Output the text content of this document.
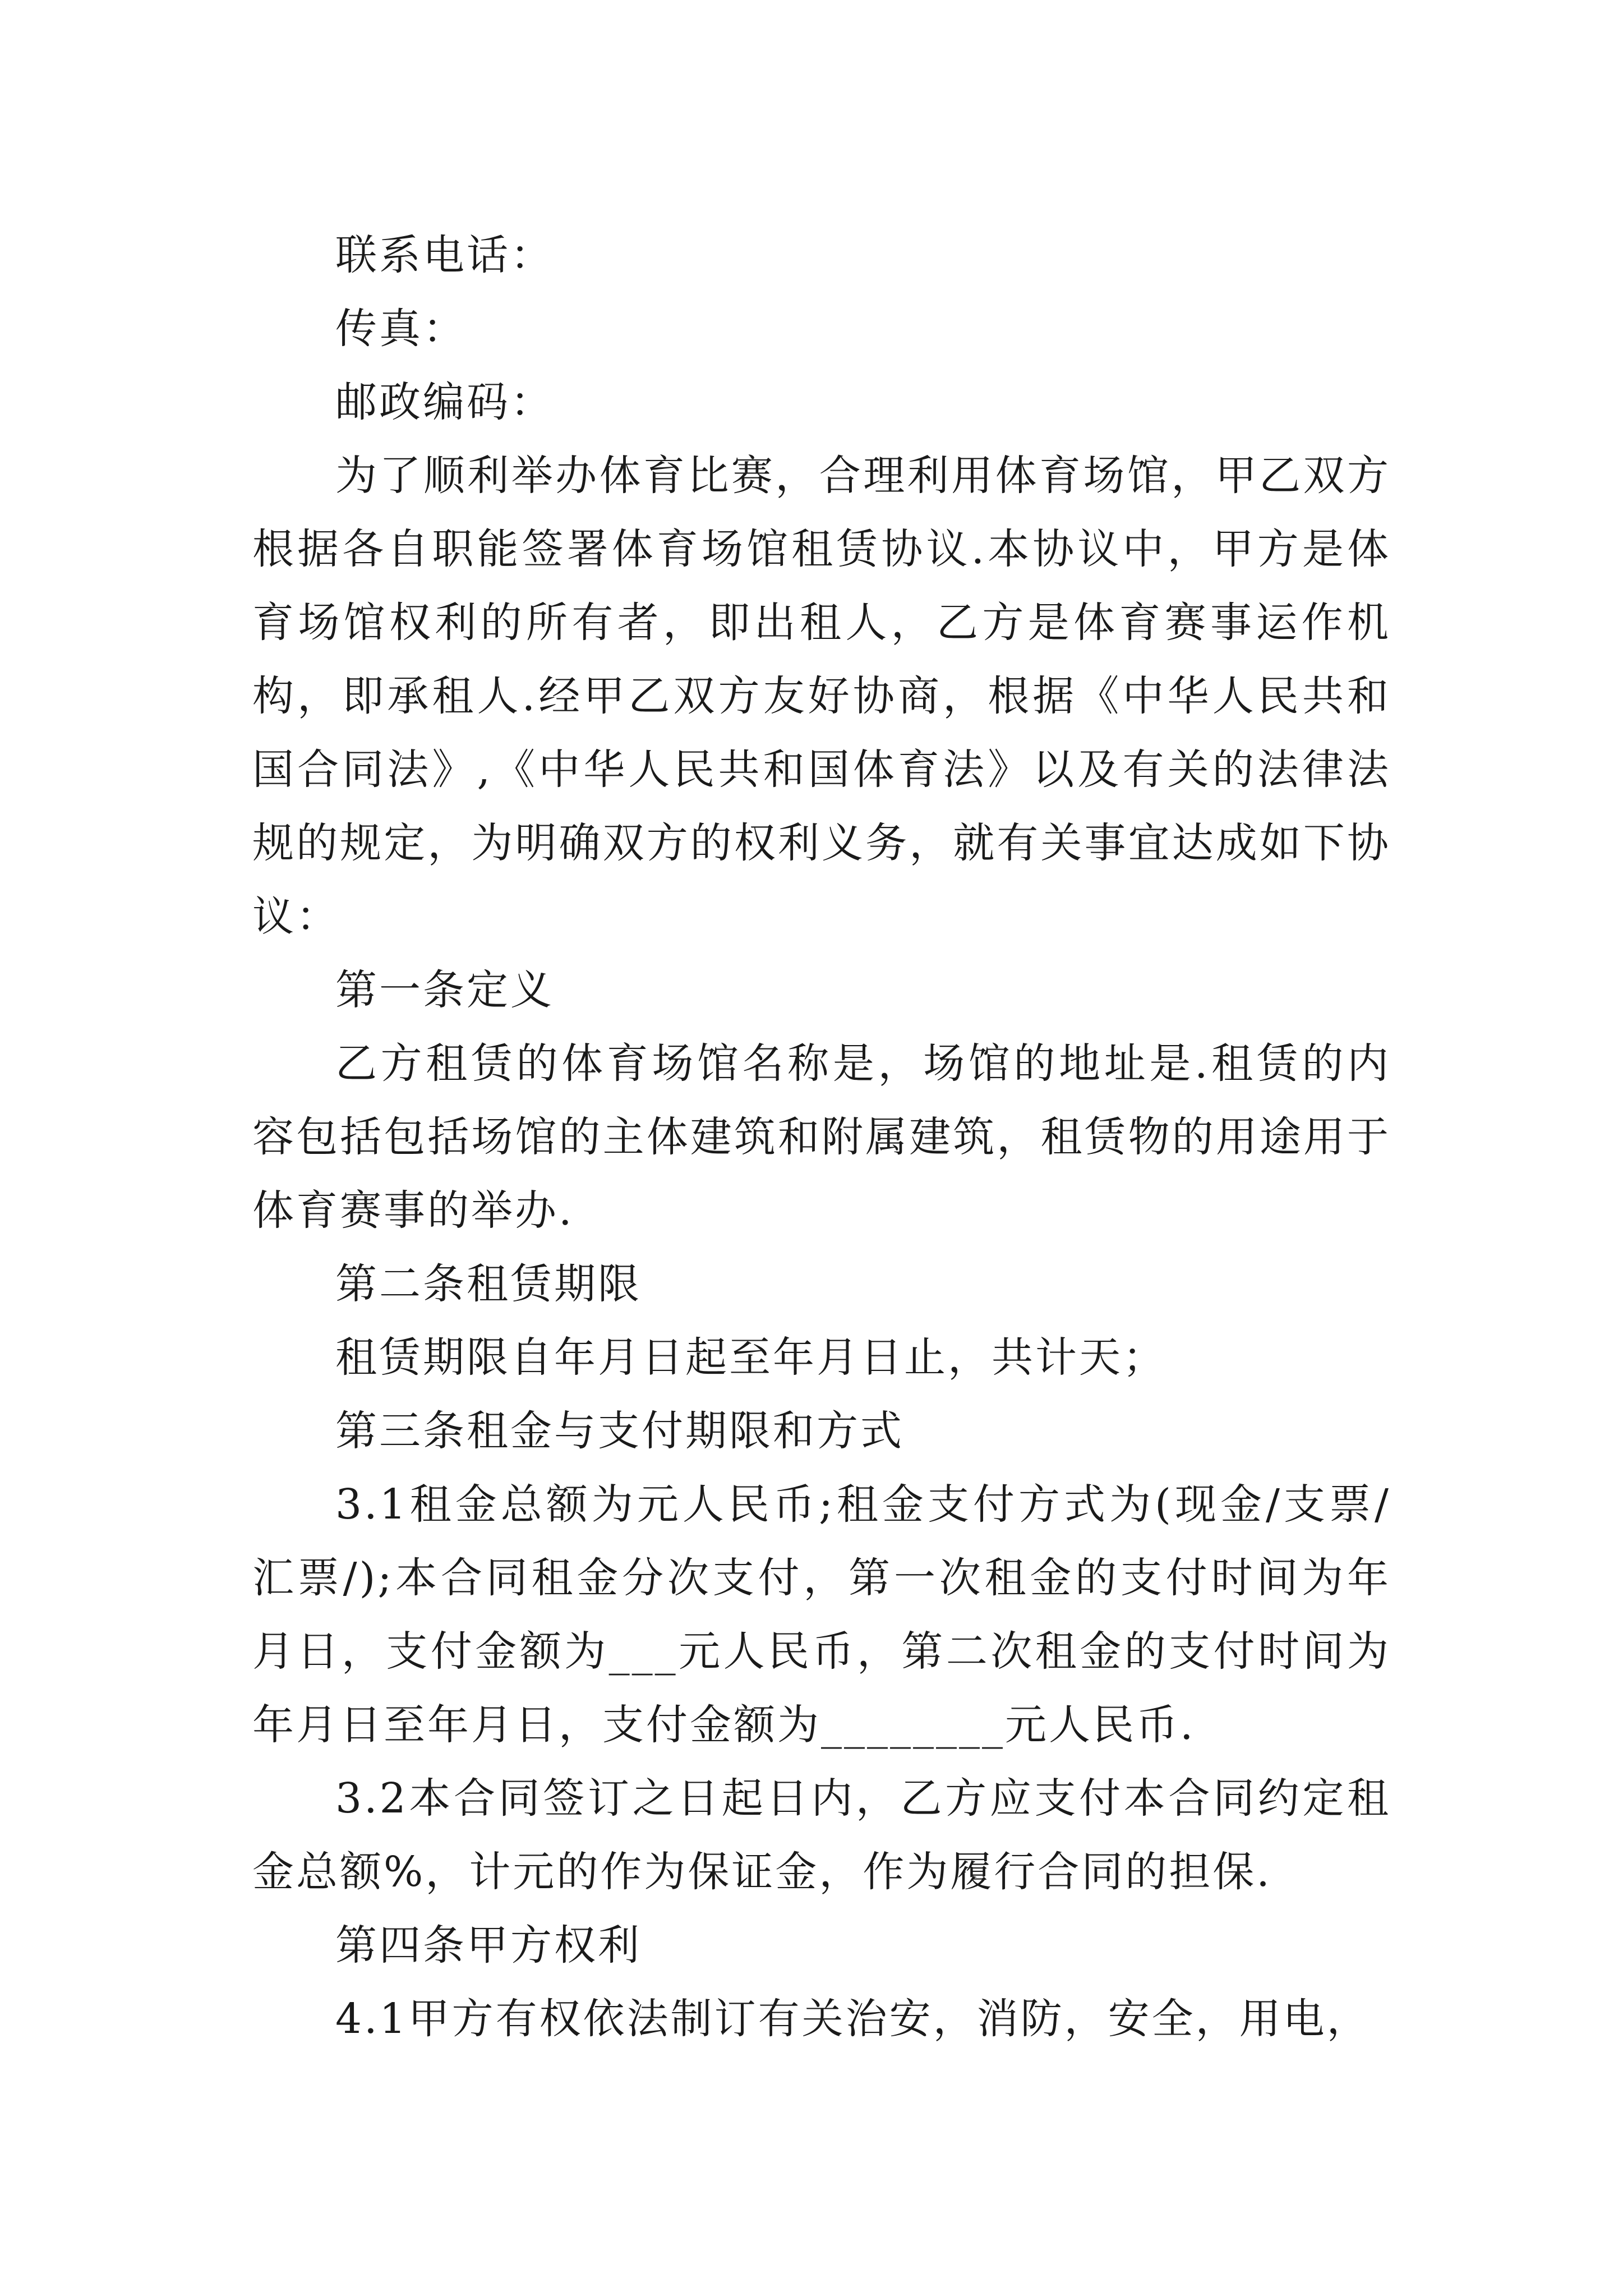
联系电话：

传真：

邮政编码：

为了顺利举办体育比赛，合理利用体育场馆，甲乙双方根据各自职能签署体育场馆租赁协议.本协议中，甲方是体育场馆权利的所有者，即出租人，乙方是体育赛事运作机构，即承租人.经甲乙双方友好协商，根据《中华人民共和国合同法》,《中华人民共和国体育法》以及有关的法律法规的规定，为明确双方的权利义务，就有关事宜达成如下协议：

第一条定义

乙方租赁的体育场馆名称是，场馆的地址是.租赁的内容包括包括场馆的主体建筑和附属建筑，租赁物的用途用于体育赛事的举办.

第二条租赁期限

租赁期限自年月日起至年月日止，共计天；

第三条租金与支付期限和方式

3.1租金总额为元人民币;租金支付方式为(现金/支票/汇票/);本合同租金分次支付，第一次租金的支付时间为年月日，支付金额为___元人民币，第二次租金的支付时间为年月日至年月日，支付金额为________元人民币.

3.2本合同签订之日起日内，乙方应支付本合同约定租金总额%，计元的作为保证金，作为履行合同的担保.

第四条甲方权利

4.1甲方有权依法制订有关治安，消防，安全，用电，
